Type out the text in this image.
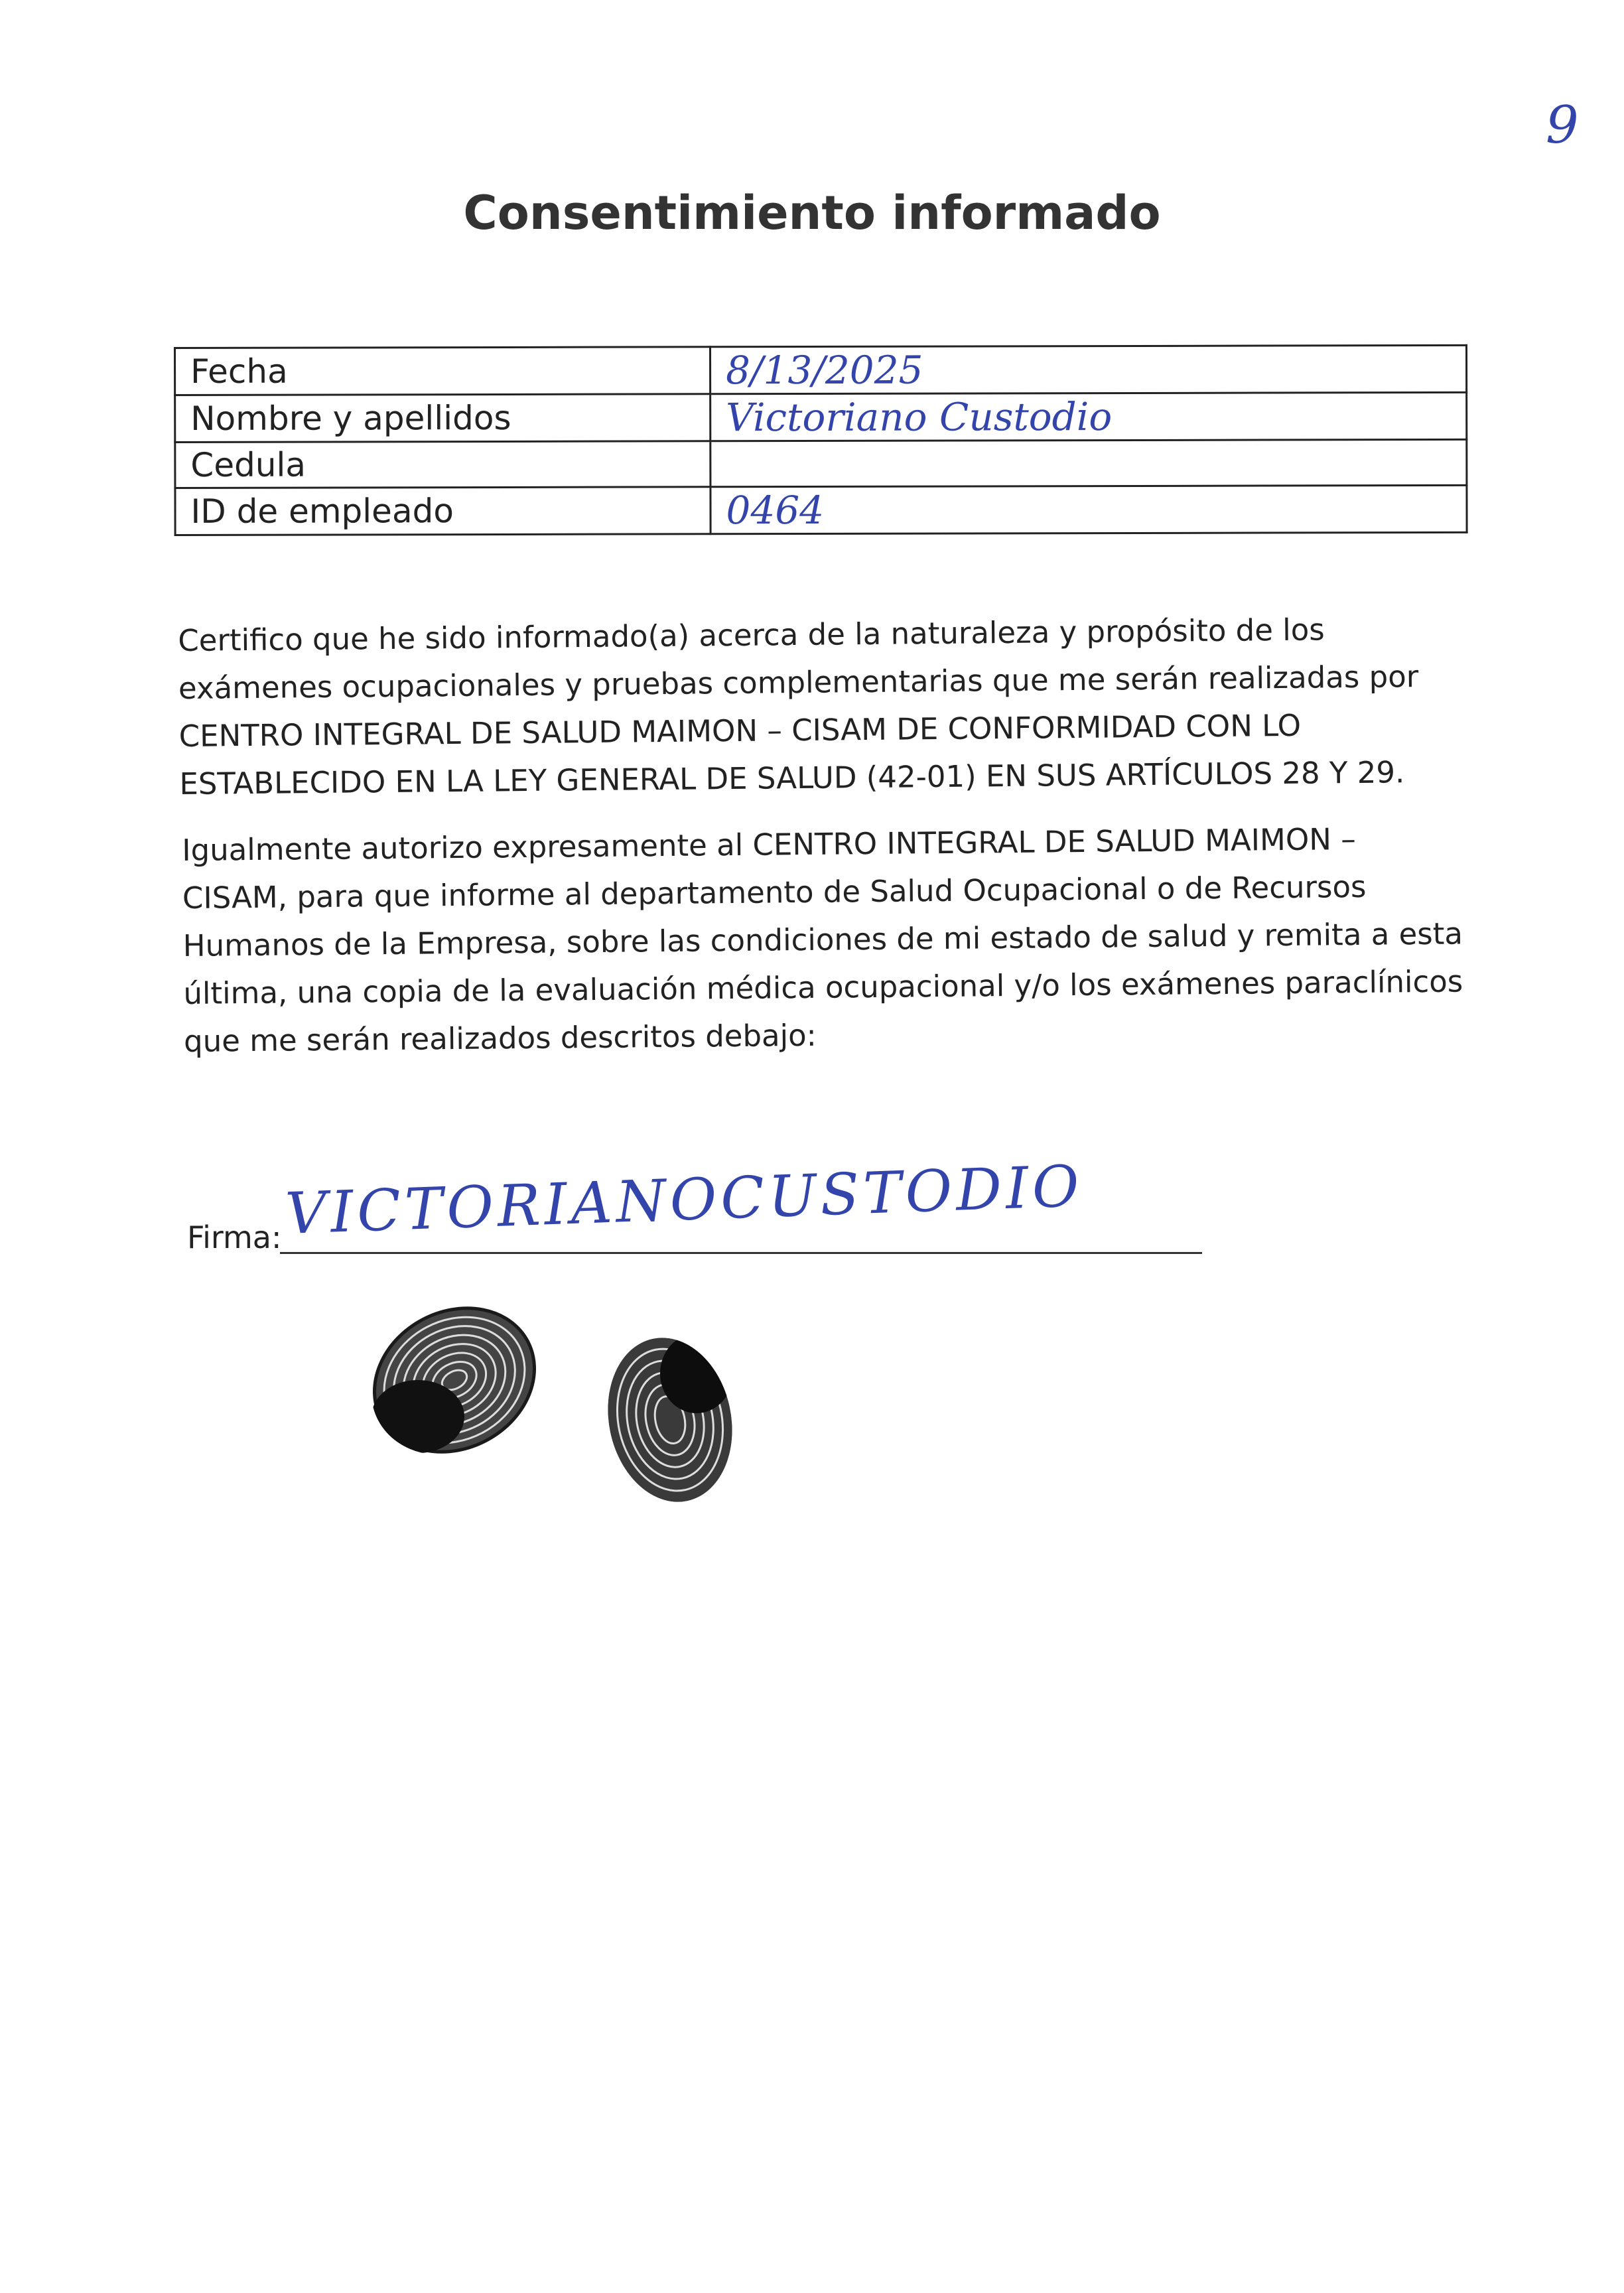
9
Consentimiento informado
Fecha	8/13/2025
Nombre y apellidos	Victoriano Custodio
Cedula	
ID de empleado	0464

Certifico que he sido informado(a) acerca de la naturaleza y propósito de los exámenes ocupacionales y pruebas complementarias que me serán realizadas por CENTRO INTEGRAL DE SALUD MAIMON – CISAM DE CONFORMIDAD CON LO ESTABLECIDO EN LA LEY GENERAL DE SALUD (42-01) EN SUS ARTÍCULOS 28 Y 29.

Igualmente autorizo expresamente al CENTRO INTEGRAL DE SALUD MAIMON – CISAM, para que informe al departamento de Salud Ocupacional o de Recursos Humanos de la Empresa, sobre las condiciones de mi estado de salud y remita a esta última, una copia de la evaluación médica ocupacional y/o los exámenes paraclínicos que me serán realizados descritos debajo:

Firma: VICTORIANOCUSTODIO
